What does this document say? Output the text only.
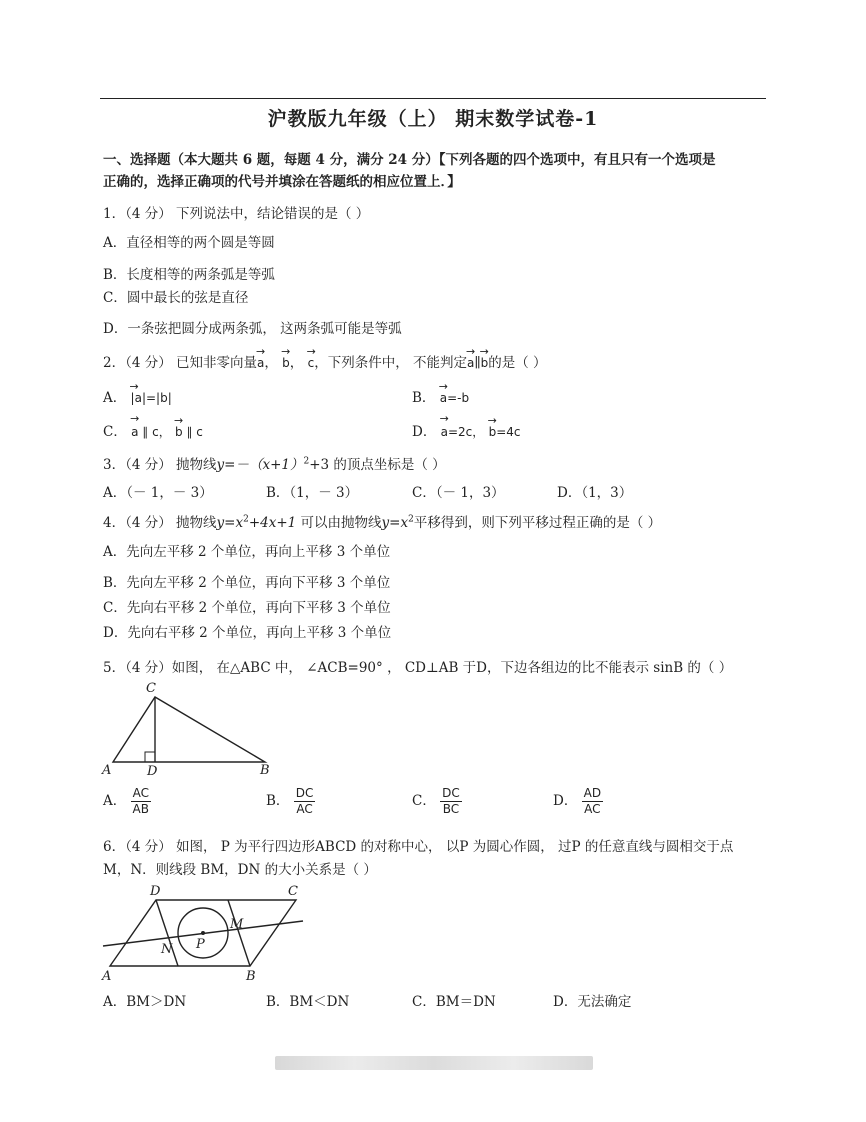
沪教版九年级（上） 期末数学试卷-1
一、选择题（本大题共 6 题，每题 4 分，满分 24 分）【下列各题的四个选项中，有且只有一个选项是
正确的，选择正确项的代号并填涂在答题纸的相应位置上．】
1．（4 分） 下列说法中，结论错误的是（ ）
A．直径相等的两个圆是等圆
B．长度相等的两条弧是等弧
C．圆中最长的弦是直径
D．一条弦把圆分成两条弧， 这两条弧可能是等弧
2．（4 分） 已知非零向量→ a， → b， → c，下列条件中， 不能判定→ a∥→ b的是（ ）
A． → |a|=|b|	B． → a=-b
C． → a ∥ c， → b ∥ c	D． → a=2c， → b=4c
3．（4 分） 抛物线$y=-(x+1)^2+3$ 的顶点坐标是（ ）
A．（－ 1，－ 3）	B．（1，－ 3）	C．（－ 1，3）	D．（1，3）
4．（4 分） 抛物线$y=x^2+4x+1$ 可以由抛物线$y=x^2$平移得到，则下列平移过程正确的是（ ）
A．先向左平移 2 个单位，再向上平移 3 个单位
B．先向左平移 2 个单位，再向下平移 3 个单位
C．先向右平移 2 个单位，再向下平移 3 个单位
D．先向右平移 2 个单位，再向上平移 3 个单位
5．（4 分）如图， 在△ABC 中， ∠ACB=90° ， CD⊥AB 于D，下边各组边的比不能表示 sinB 的（ ）
C
A	D	B
A． $\frac{AC}{AB}$	B． $\frac{DC}{AC}$	C． $\frac{DC}{BC}$	D． $\frac{AD}{AC}$
6．（4 分） 如图， P 为平行四边形ABCD 的对称中心， 以P 为圆心作圆， 过P 的任意直线与圆相交于点
M，N．则线段 BM，DN 的大小关系是（ ）
D	C
A	B
M
N P
A．BM＞DN	B．BM＜DN	C．BM＝DN	D．无法确定
